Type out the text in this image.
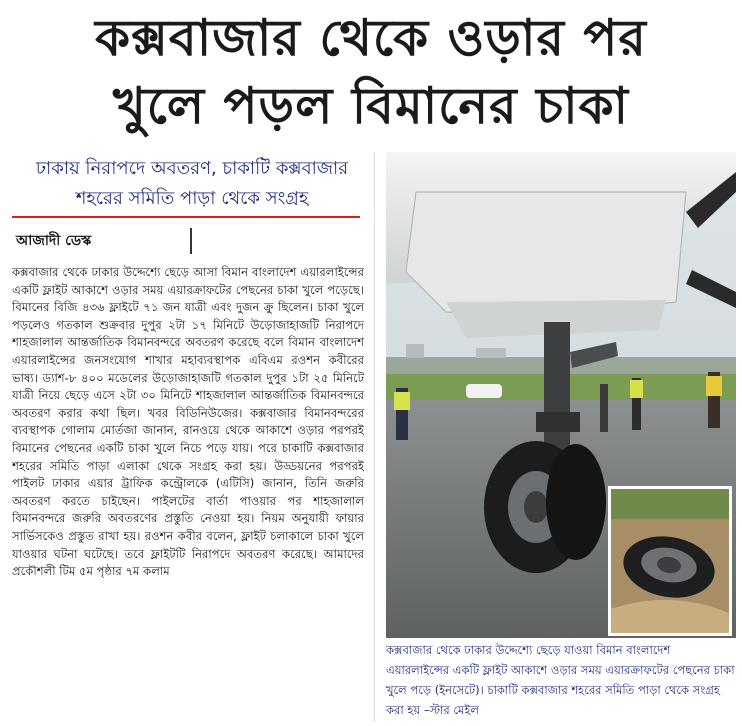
কক্সবাজার থেকে ওড়ার পর
খুলে পড়ল বিমানের চাকা
ঢাকায় নিরাপদে অবতরণ, চাকাটি কক্সবাজার শহরের সমিতি পাড়া থেকে সংগ্রহ
আজাদী ডেস্ক

কক্সবাজার থেকে ঢাকার উদ্দেশ্যে ছেড়ে আসা বিমান বাংলাদেশ এয়ারলাইন্সের একটি ফ্লাইট আকাশে ওড়ার সময় এয়ারক্রাফটের পেছনের চাকা খুলে পড়েছে। বিমানের বিজি ৪৩৬ ফ্লাইটে ৭১ জন যাত্রী এবং দুজন ক্রু ছিলেন। চাকা খুলে পড়লেও গতকাল শুক্রবার দুপুর ২টা ১৭ মিনিটে উড়োজাহাজটি নিরাপদে শাহজালাল আন্তর্জাতিক বিমানবন্দরে অবতরণ করেছে বলে বিমান বাংলাদেশ এয়ারলাইন্সের জনসংযোগ শাখার মহাব্যবস্থাপক এবিএম রওশন কবীরের ভাষ্য। ড্যাশ-৮ ৪০০ মডেলের উড়োজাহাজটি গতকাল দুপুর ১টা ২৫ মিনিটে যাত্রী নিয়ে ছেড়ে এসে ২টা ৩০ মিনিটে শাহজালাল আন্তর্জাতিক বিমানবন্দরে অবতরণ করার কথা ছিল। খবর বিডিনিউজের। কক্সবাজার বিমানবন্দরের ব্যবস্থাপক গোলাম মোর্তজা জানান, রানওয়ে থেকে আকাশে ওড়ার পরপরই বিমানের পেছনের একটি চাকা খুলে নিচে পড়ে যায়। পরে চাকাটি কক্সবাজার শহরের সমিতি পাড়া এলাকা থেকে সংগ্রহ করা হয়। উড্ডয়নের পরপরই পাইলট ঢাকার এয়ার ট্রাফিক কন্ট্রোলকে (এটিসি) জানান, তিনি জরুরি অবতরণ করতে চাইছেন। পাইলটের বার্তা পাওয়ার পর শাহজালাল বিমানবন্দরে জরুরি অবতরণের প্রস্তুতি নেওয়া হয়। নিয়ম অনুযায়ী ফায়ার সার্ভিসকেও প্রস্তুত রাখা হয়। রওশন কবীর বলেন, ফ্লাইট চলাকালে চাকা খুলে যাওয়ার ঘটনা ঘটেছে। তবে ফ্লাইটটি নিরাপদে অবতরণ করেছে। আমাদের প্রকৌশলী টিম ৫ম পৃষ্ঠার ৭ম কলাম

কক্সবাজার থেকে ঢাকার উদ্দেশ্যে ছেড়ে যাওয়া বিমান বাংলাদেশ এয়ারলাইন্সের একটি ফ্লাইট আকাশে ওড়ার সময় এয়ারক্রাফটের পেছনের চাকা খুলে পড়ে (ইনসেটে)। চাকাটি কক্সবাজার শহরের সমিতি পাড়া থেকে সংগ্রহ করা হয় –স্টার মেইল
